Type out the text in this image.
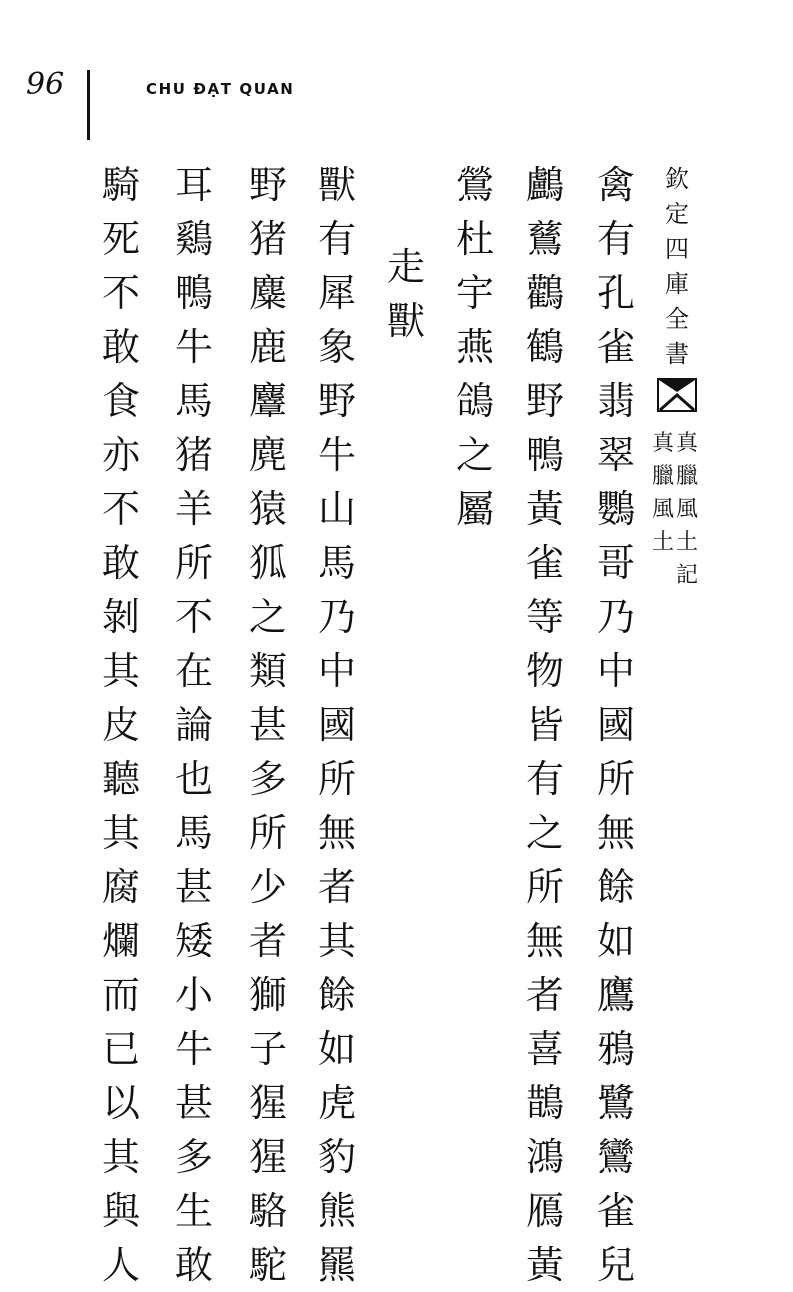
96	CHU ĐẠT QUAN
欽
定
四
庫
全
書
真
臘
風
土
記
真
臘
風
土
禽
有
孔
雀
翡
翠
鸚
哥
乃
中
國
所
無
餘
如
鷹
鴉
鷺
鸞
雀
兒
鸕
鶿
鸛
鶴
野
鴨
黃
雀
等
物
皆
有
之
所
無
者
喜
鵲
鴻
鴈
黃
鶯
杜
宇
燕
鴿
之
屬
走
獸
獸
有
犀
象
野
牛
山
馬
乃
中
國
所
無
者
其
餘
如
虎
豹
熊
羆
野
猪
麋
鹿
麞
麂
猿
狐
之
類
甚
多
所
少
者
獅
子
猩
猩
駱
駝
耳
鷄
鴨
牛
馬
猪
羊
所
不
在
論
也
馬
甚
矮
小
牛
甚
多
生
敢
騎
死
不
敢
食
亦
不
敢
剝
其
皮
聽
其
腐
爛
而
已
以
其
與
人
